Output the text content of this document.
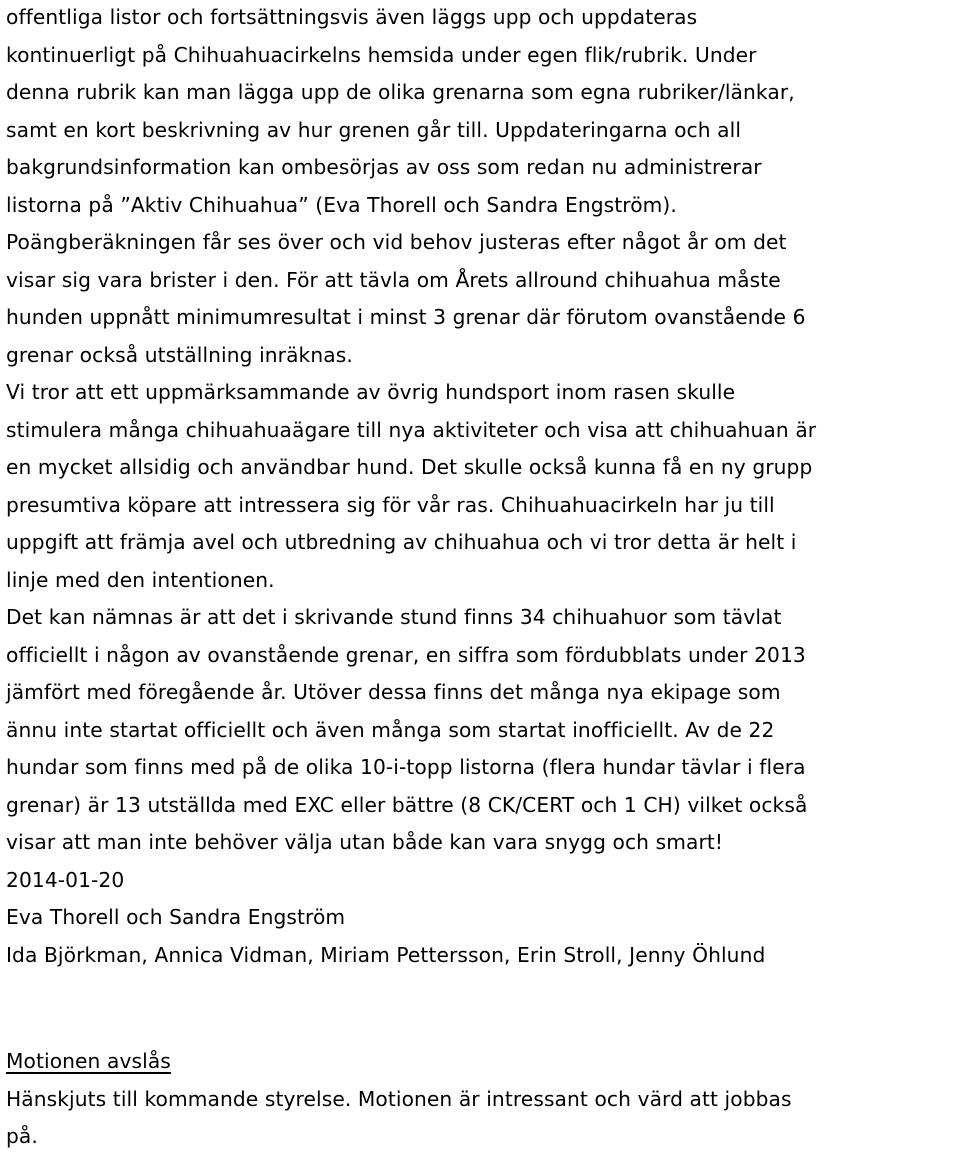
offentliga listor och fortsättningsvis även läggs upp och uppdateras
kontinuerligt på Chihuahuacirkelns hemsida under egen flik/rubrik. Under
denna rubrik kan man lägga upp de olika grenarna som egna rubriker/länkar,
samt en kort beskrivning av hur grenen går till. Uppdateringarna och all
bakgrundsinformation kan ombesörjas av oss som redan nu administrerar
listorna på ”Aktiv Chihuahua” (Eva Thorell och Sandra Engström).
Poängberäkningen får ses över och vid behov justeras efter något år om det
visar sig vara brister i den. För att tävla om Årets allround chihuahua måste
hunden uppnått minimumresultat i minst 3 grenar där förutom ovanstående 6
grenar också utställning inräknas.
Vi tror att ett uppmärksammande av övrig hundsport inom rasen skulle
stimulera många chihuahuaägare till nya aktiviteter och visa att chihuahuan är
en mycket allsidig och användbar hund. Det skulle också kunna få en ny grupp
presumtiva köpare att intressera sig för vår ras. Chihuahuacirkeln har ju till
uppgift att främja avel och utbredning av chihuahua och vi tror detta är helt i
linje med den intentionen.
Det kan nämnas är att det i skrivande stund finns 34 chihuahuor som tävlat
officiellt i någon av ovanstående grenar, en siffra som fördubblats under 2013
jämfört med föregående år. Utöver dessa finns det många nya ekipage som
ännu inte startat officiellt och även många som startat inofficiellt. Av de 22
hundar som finns med på de olika 10-i-topp listorna (flera hundar tävlar i flera
grenar) är 13 utställda med EXC eller bättre (8 CK/CERT och 1 CH) vilket också
visar att man inte behöver välja utan både kan vara snygg och smart!
2014-01-20
Eva Thorell och Sandra Engström
Ida Björkman, Annica Vidman, Miriam Pettersson, Erin Stroll, Jenny Öhlund
Motionen avslås
Hänskjuts till kommande styrelse. Motionen är intressant och värd att jobbas
på.
